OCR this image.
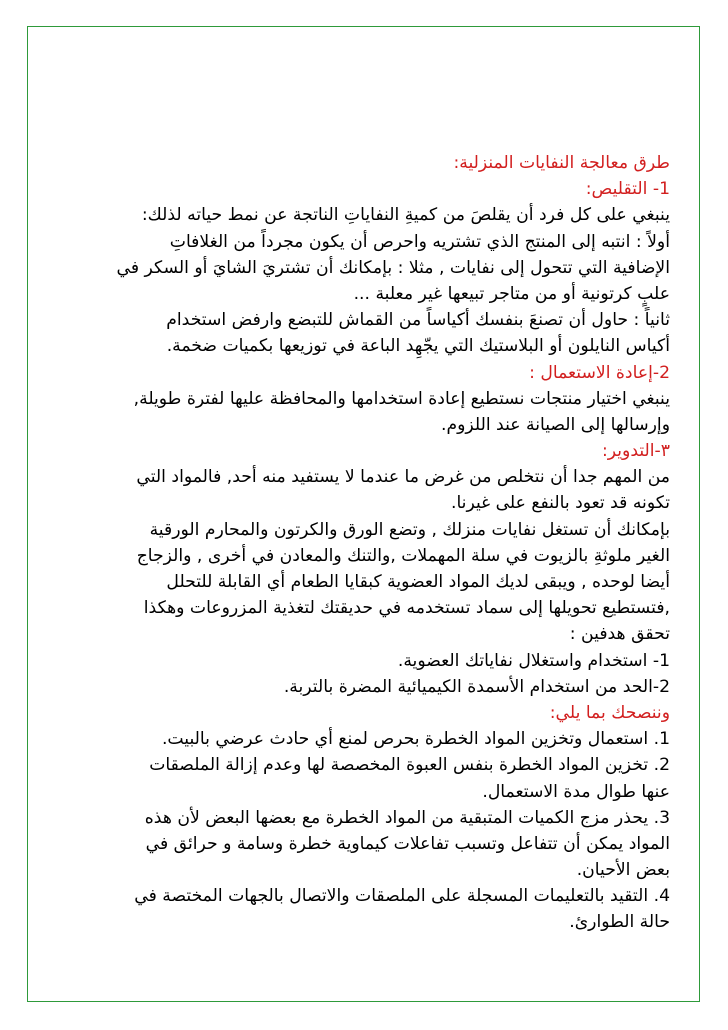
طرق معالجة النفايات المنزلية:
1- التقليص:
ينبغي على كل فرد أن يقلصَ من كميةِ النفاياتِ الناتجة عن نمط حياته لذلك:
أولاً : انتبه إلى المنتج الذي تشتريه واحرص أن يكون مجرداً من الغلافاتِ
الإضافية التي تتحول إلى نفايات , مثلا : بإمكانك أن تشتريَ الشايَ أو السكر في
علبٍ كرتونية أو من متاجر تبيعها غير معلبة ...
ثانياً : حاول أن تصنعَ بنفسك أكياساً من القماش للتبضع وارفض استخدام
أكياس النايلون أو البلاستيك التي يجّهِد الباعة في توزيعها بكميات ضخمة.
2-إعادة الاستعمال :
ينبغي اختيار منتجات نستطيع إعادة استخدامها والمحافظة عليها لفترة طويلة,
وإرسالها إلى الصيانة عند اللزوم.
٣-التدوير:
من المهم جدا أن نتخلص من غرض ما عندما لا يستفيد منه أحد, فالمواد التي
تكونه قد تعود بالنفع على غيرنا.
بإمكانك أن تستغل نفايات منزلك , وتضع الورق والكرتون والمحارم الورقية
الغير ملوثةِ بالزيوت في سلة المهملات ,والتنك والمعادن في أخرى , والزجاج
أيضا لوحده , ويبقى لديك المواد العضوية كبقايا الطعام أي القابلة للتحلل
,فتستطيع تحويلها إلى سماد تستخدمه في حديقتك لتغذية المزروعات وهكذا
تحقق هدفين :
1- استخدام واستغلال نفاياتك العضوية.
2-الحد من استخدام الأسمدة الكيميائية المضرة بالتربة.
وننصحك بما يلي:
1. استعمال وتخزين المواد الخطرة بحرص لمنع أي حادث عرضي بالبيت.
2. تخزين المواد الخطرة بنفس العبوة المخصصة لها وعدم إزالة الملصقات
عنها طوال مدة الاستعمال.
3. يحذر مزج الكميات المتبقية من المواد الخطرة مع بعضها البعض لأن هذه
المواد يمكن أن تتفاعل وتسبب تفاعلات كيماوية خطرة وسامة و حرائق في
بعض الأحيان.
4. التقيد بالتعليمات المسجلة على الملصقات والاتصال بالجهات المختصة في
حالة الطوارئ.
